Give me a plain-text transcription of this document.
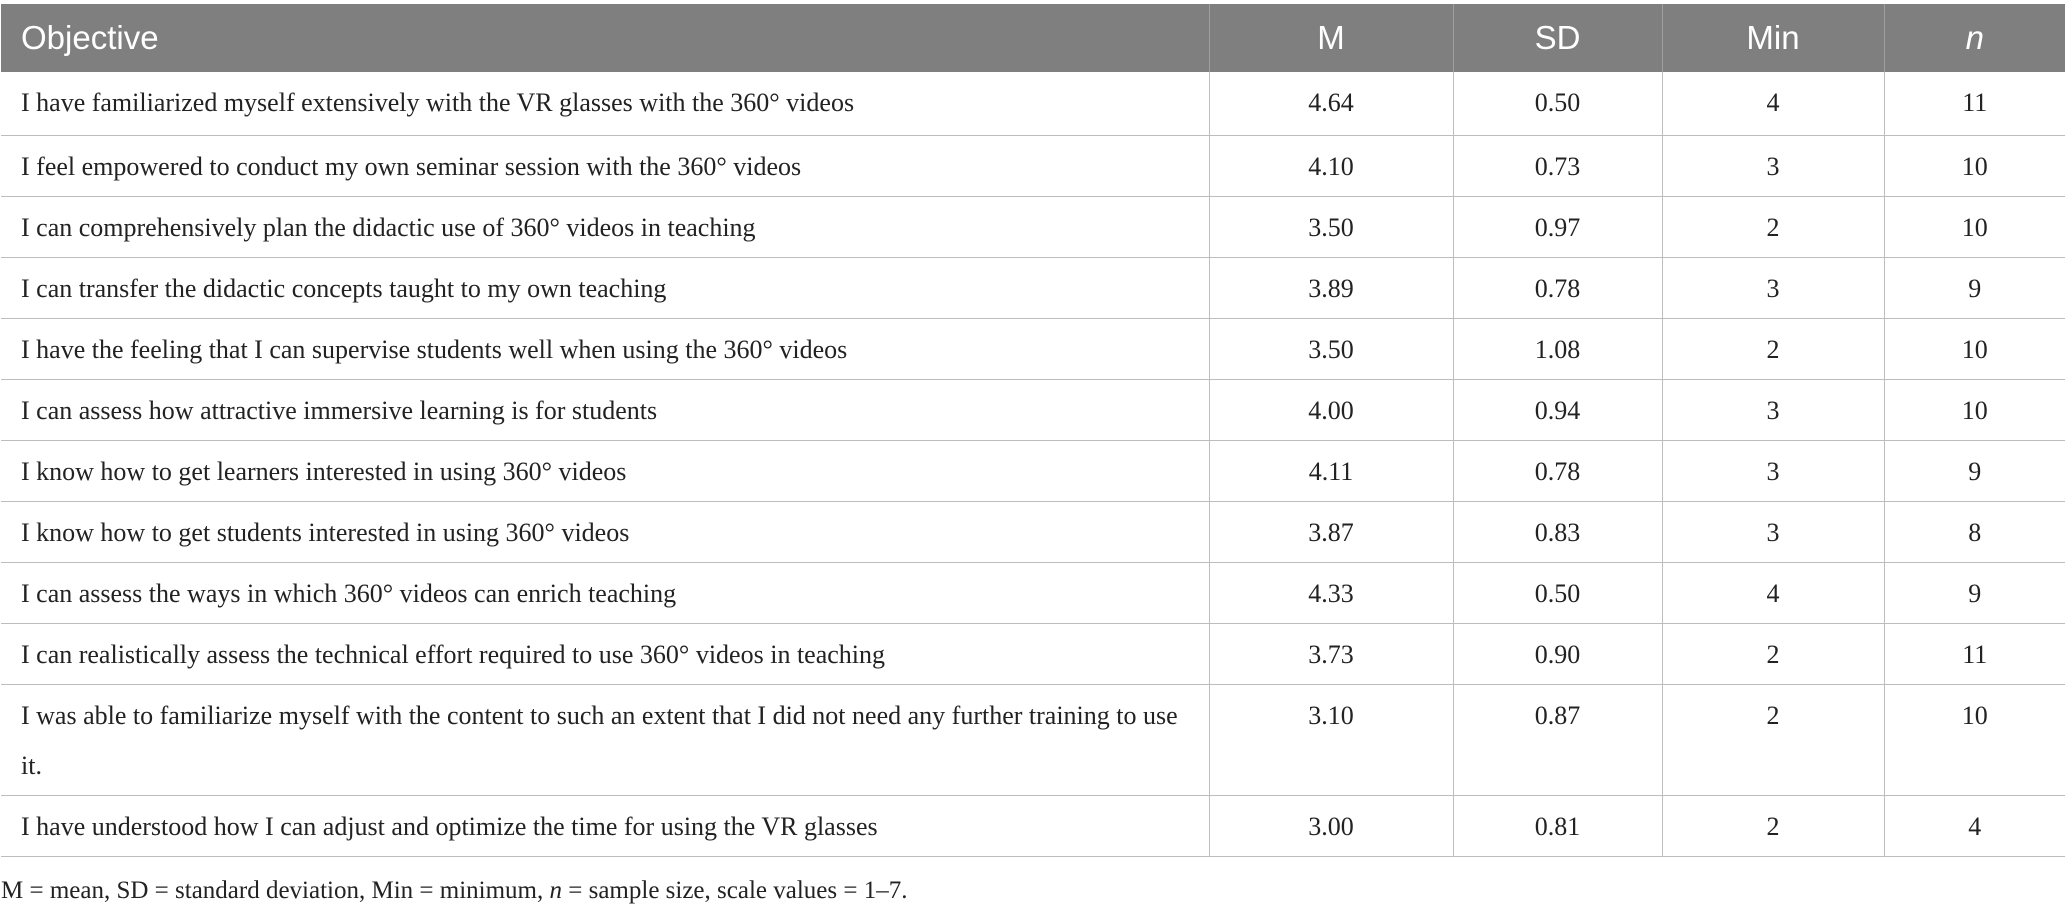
Objective	M	SD	Min	n
I have familiarized myself extensively with the VR glasses with the 360° videos	4.64	0.50	4	11
I feel empowered to conduct my own seminar session with the 360° videos	4.10	0.73	3	10
I can comprehensively plan the didactic use of 360° videos in teaching	3.50	0.97	2	10
I can transfer the didactic concepts taught to my own teaching	3.89	0.78	3	9
I have the feeling that I can supervise students well when using the 360° videos	3.50	1.08	2	10
I can assess how attractive immersive learning is for students	4.00	0.94	3	10
I know how to get learners interested in using 360° videos	4.11	0.78	3	9
I know how to get students interested in using 360° videos	3.87	0.83	3	8
I can assess the ways in which 360° videos can enrich teaching	4.33	0.50	4	9
I can realistically assess the technical effort required to use 360° videos in teaching	3.73	0.90	2	11
I was able to familiarize myself with the content to such an extent that I did not need any further training to use it.	3.10	0.87	2	10
I have understood how I can adjust and optimize the time for using the VR glasses	3.00	0.81	2	4
M = mean, SD = standard deviation, Min = minimum, n = sample size, scale values = 1–7.
